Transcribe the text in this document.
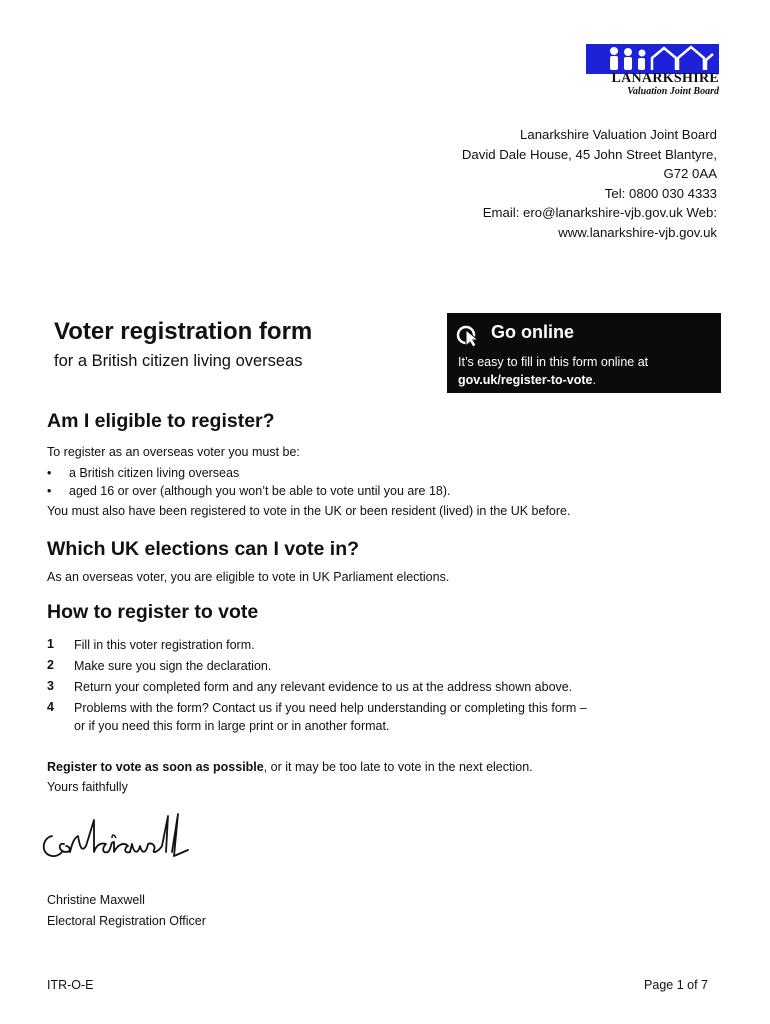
LANARKSHIRE
Valuation Joint Board
Lanarkshire Valuation Joint Board
David Dale House, 45 John Street Blantyre,
G72 0AA
Tel: 0800 030 4333
Email: ero@lanarkshire-vjb.gov.uk Web:
www.lanarkshire-vjb.gov.uk
Voter registration form
for a British citizen living overseas
Go online
It’s easy to fill in this form online at
gov.uk/register-to-vote.
Am I eligible to register?
To register as an overseas voter you must be:
• a British citizen living overseas
• aged 16 or over (although you won’t be able to vote until you are 18).
You must also have been registered to vote in the UK or been resident (lived) in the UK before.
Which UK elections can I vote in?
As an overseas voter, you are eligible to vote in UK Parliament elections.
How to register to vote
1	Fill in this voter registration form.
2	Make sure you sign the declaration.
3	Return your completed form and any relevant evidence to us at the address shown above.
4	Problems with the form? Contact us if you need help understanding or completing this form – or if you need this form in large print or in another format.
Register to vote as soon as possible, or it may be too late to vote in the next election.
Yours faithfully
Christine Maxwell
Electoral Registration Officer
ITR-O-E	Page 1 of 7
